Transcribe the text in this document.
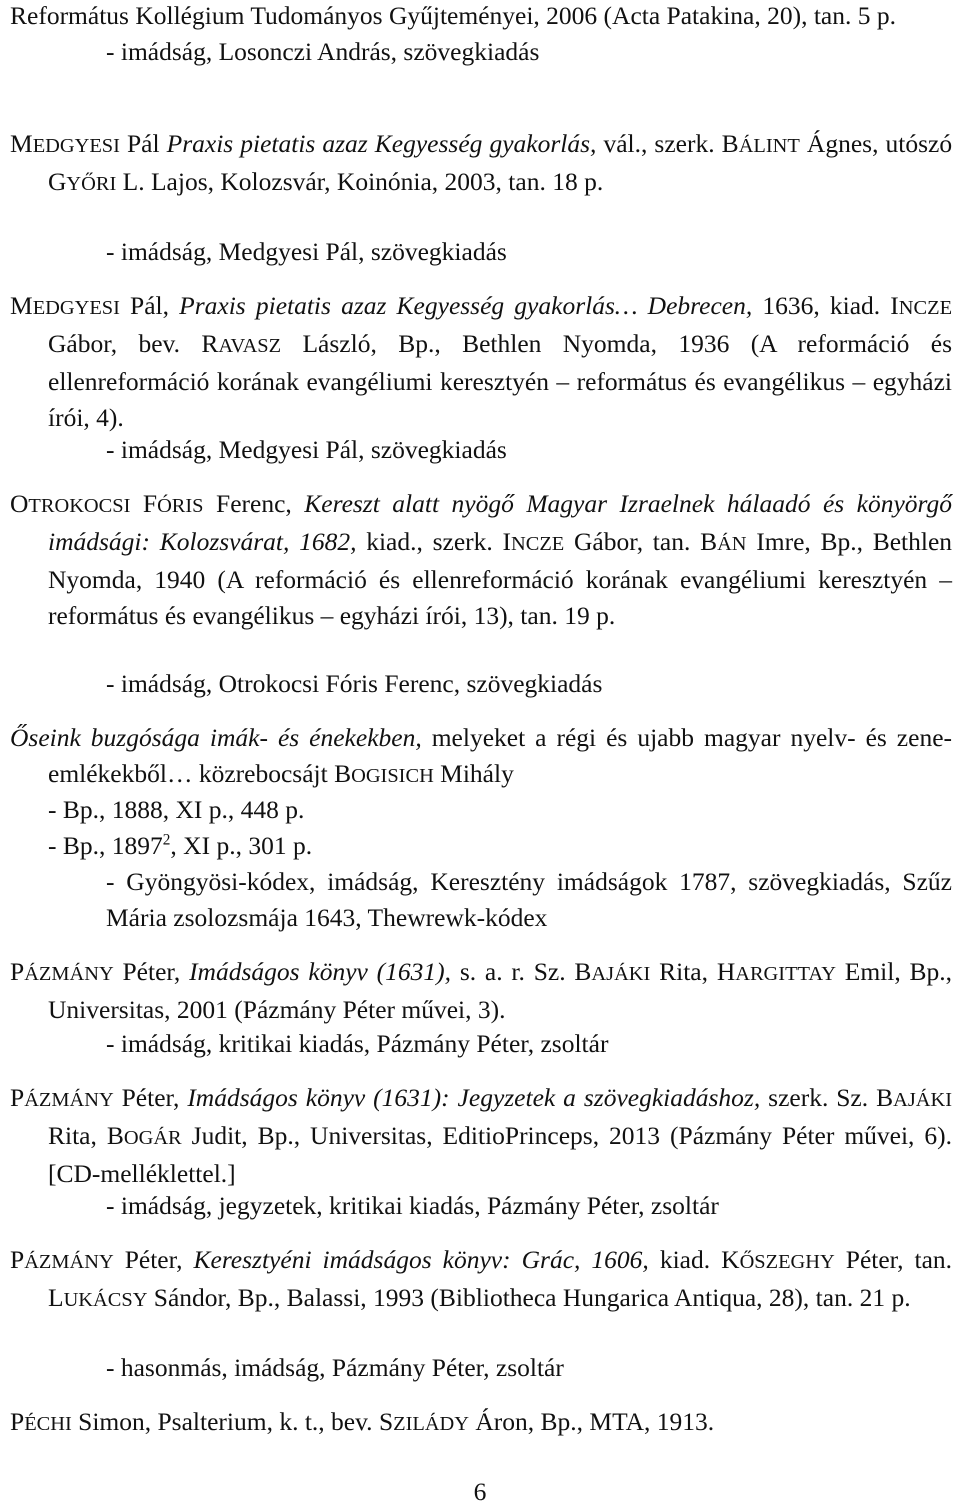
Református Kollégium Tudományos Gyűjteményei, 2006 (Acta Patakina, 20), tan. 5 p.
- imádság, Losonczi András, szövegkiadás
MEDGYESI Pál Praxis pietatis azaz Kegyesség gyakorlás, vál., szerk. BÁLINT Ágnes, utószó GYŐRI L. Lajos, Kolozsvár, Koinónia, 2003, tan. 18 p.
- imádság, Medgyesi Pál, szövegkiadás
MEDGYESI Pál, Praxis pietatis azaz Kegyesség gyakorlás… Debrecen, 1636, kiad. INCZE Gábor, bev. RAVASZ László, Bp., Bethlen Nyomda, 1936 (A reformáció és ellenreformáció korának evangéliumi keresztyén – református és evangélikus – egyházi írói, 4).
- imádság, Medgyesi Pál, szövegkiadás
OTROKOCSI FÓRIS Ferenc, Kereszt alatt nyögő Magyar Izraelnek hálaadó és könyörgő imádsági: Kolozsvárat, 1682, kiad., szerk. INCZE Gábor, tan. BÁN Imre, Bp., Bethlen Nyomda, 1940 (A reformáció és ellenreformáció korának evangéliumi keresztyén – református és evangélikus – egyházi írói, 13), tan. 19 p.
- imádság, Otrokocsi Fóris Ferenc, szövegkiadás
Őseink buzgósága imák- és énekekben, melyeket a régi és ujabb magyar nyelv- és zene-emlékekből… közrebocsájt BOGISICH Mihály
- Bp., 1888, XI p., 448 p.
- Bp., 1897$^2$, XI p., 301 p.
- Gyöngyösi-kódex, imádság, Keresztény imádságok 1787, szövegkiadás, Szűz Mária zsolozsmája 1643, Thewrewk-kódex
PÁZMÁNY Péter, Imádságos könyv (1631), s. a. r. Sz. BAJÁKI Rita, HARGITTAY Emil, Bp., Universitas, 2001 (Pázmány Péter művei, 3).
- imádság, kritikai kiadás, Pázmány Péter, zsoltár
PÁZMÁNY Péter, Imádságos könyv (1631): Jegyzetek a szövegkiadáshoz, szerk. Sz. BAJÁKI Rita, BOGÁR Judit, Bp., Universitas, EditioPrinceps, 2013 (Pázmány Péter művei, 6). [CD-melléklettel.]
- imádság, jegyzetek, kritikai kiadás, Pázmány Péter, zsoltár
PÁZMÁNY Péter, Keresztyéni imádságos könyv: Grác, 1606, kiad. KŐSZEGHY Péter, tan. LUKÁCSY Sándor, Bp., Balassi, 1993 (Bibliotheca Hungarica Antiqua, 28), tan. 21 p.
- hasonmás, imádság, Pázmány Péter, zsoltár
PÉCHI Simon, Psalterium, k. t., bev. SZILÁDY Áron, Bp., MTA, 1913.
6
